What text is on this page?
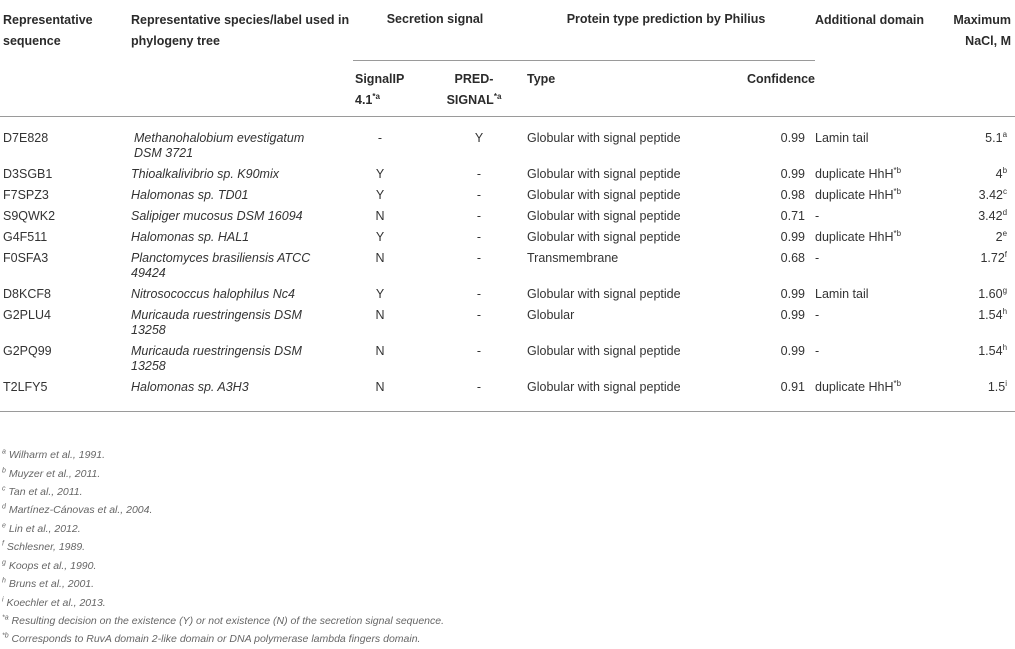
Representative sequence	Representative species/label used in phylogeny tree	Secretion signal		Protein type prediction by Philius		Additional domain	Maximum NaCl, M
		SignalIP 4.1$^{*a}$	PRED-SIGNAL$^{*a}$	Type	Confidence		
D7E828	Methanohalobium evestigatum DSM 3721	-	Y	Globular with signal peptide	0.99	Lamin tail	5.1$^a$
D3SGB1	Thioalkalivibrio sp. K90mix	Y	-	Globular with signal peptide	0.99	duplicate HhH$^{*b}$	4$^b$
F7SPZ3	Halomonas sp. TD01	Y	-	Globular with signal peptide	0.98	duplicate HhH$^{*b}$	3.42$^c$
S9QWK2	Salipiger mucosus DSM 16094	N	-	Globular with signal peptide	0.71	-	3.42$^d$
G4F511	Halomonas sp. HAL1	Y	-	Globular with signal peptide	0.99	duplicate HhH$^{*b}$	2e
F0SFA3	Planctomyces brasiliensis ATCC 49424	N	-	Transmembrane	0.68	-	1.72$^f$
D8KCF8	Nitrosococcus halophilus Nc4	Y	-	Globular with signal peptide	0.99	Lamin tail	1.60$^g$
G2PLU4	Muricauda ruestringensis DSM 13258	N	-	Globular	0.99	-	1.54$^h$
G2PQ99	Muricauda ruestringensis DSM 13258	N	-	Globular with signal peptide	0.99	-	1.54$^h$
T2LFY5	Halomonas sp. A3H3	N	-	Globular with signal peptide	0.91	duplicate HhH$^{*b}$	1.5$^i$
$^a$ Wilharm et al., 1991.
$^b$ Muyzer et al., 2011.
$^c$ Tan et al., 2011.
$^d$ Martínez-Cánovas et al., 2004.
$^e$ Lin et al., 2012.
$^f$ Schlesner, 1989.
$^g$ Koops et al., 1990.
$^h$ Bruns et al., 2001.
$^i$ Koechler et al., 2013.
$^{*a}$ Resulting decision on the existence (Y) or not existence (N) of the secretion signal sequence.
$^{*b}$ Corresponds to RuvA domain 2-like domain or DNA polymerase lambda fingers domain.
